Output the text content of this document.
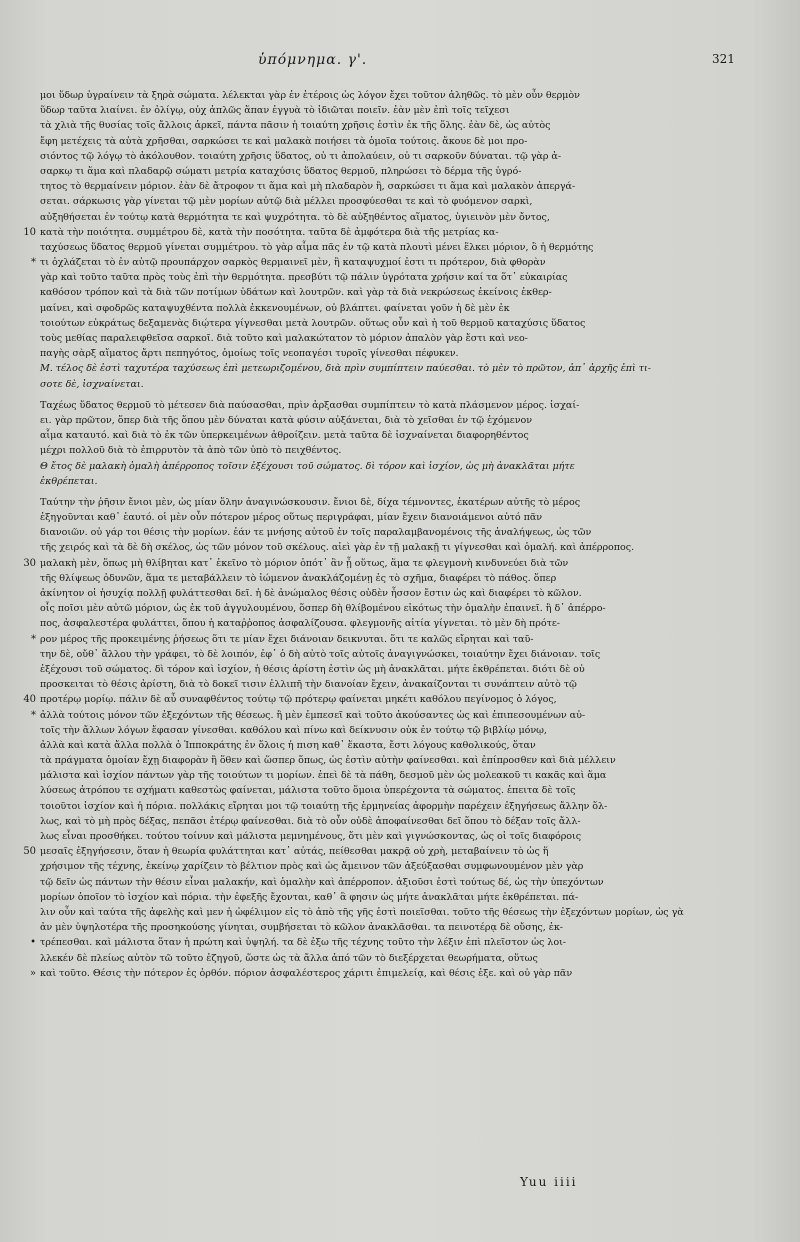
ὑπόμνημα. γ'.	321
μοι ὕδωρ ὑγραίνειν τὰ ξηρὰ σώματα. λέλεκται γὰρ ἐν ἑτέροις ὡς λόγον ἔχει τοῦτον ἀληθῶς. τὸ μὲν οὖν θερμὸν
ὕδωρ ταῦτα λιαίνει. ἐν ὀλίγῳ, οὐχ ἁπλῶς ἅπαν ἐγγυὰ τὸ ἰδιῶται ποιεῖν. ἐὰν μὲν ἐπὶ τοῖς τεῖχεσι
τὰ χλιὰ τῆς θυσίας τοῖς ἄλλοις ἀρκεῖ, πάντα πᾶσιν ἡ τοιαύτη χρῆσις ἐστὶν ἐκ τῆς ὅλης. ἐὰν δὲ, ὡς αὐτὸς
ἔφη μετέχεις τὰ αὐτὰ χρῆσθαι, σαρκώσει τε καὶ μαλακὰ ποιήσει τὰ ὁμοῖα τούτοις. ἄκουε δὲ μοι προ-
σιόντος τῷ λόγῳ τὸ ἀκόλουθον. τοιαύτη χρῆσις ὕδατος, οὐ τι ἀπολαύειν, οὐ τι σαρκοῦν δύναται. τῷ γὰρ ἀ-
σαρκῳ τι ἅμα καὶ πλαδαρῷ σώματι μετρία καταχύσις ὕδατος θερμοῦ, πληρώσει τὸ δέρμα τῆς ὑγρό-
τητος τὸ θερμαίνειν μόριον. ἐὰν δὲ ἄτροφον τι ἅμα καὶ μὴ πλαδαρὸν ἢ, σαρκώσει τι ἅμα καὶ μαλακὸν ἀπεργά-
σεται. σάρκωσις γὰρ γίνεται τῷ μὲν μορίων αὐτῷ διὰ μέλλει προσφύεσθαι τε καὶ τὸ φυόμενον σαρκὶ,
αὐξηθήσεται ἐν τούτῳ κατὰ θερμότητα τε καὶ ψυχρότητα. τὸ δὲ αὐξηθέντος αἵματος, ὑγιεινὸν μὲν ὄντος,
κατὰ τὴν ποιότητα. συμμέτρου δὲ, κατὰ τὴν ποσότητα. ταῦτα δὲ ἀμφότερα διὰ τῆς μετρίας κα-
10
ταχύσεως ὕδατος θερμοῦ γίνεται συμμέτρου. τὸ γὰρ αἷμα πᾶς ἐν τῷ κατὰ πλουτὶ μένει ἕλκει μόριον, ὃ ἡ θερμότης
τι ὀχλάζεται τὸ ἐν αὐτῷ προυπάρχον σαρκὸς θερμαινεῖ μὲν, ἢ καταψυχμοί ἐστι τι πρότερον, διὰ φθορὰν
*
γὰρ καὶ τοῦτο ταῦτα πρὸς τοὺς ἐπὶ τὴν θερμότητα. πρεσβύτι τῷ πάλιν ὑγρότατα χρήσιν καί τα ὅτ᾽ εὐκαιρίας
καθόσον τρόπον καὶ τὰ διὰ τῶν ποτίμων ὑδάτων καὶ λουτρῶν. καὶ γὰρ τὰ διὰ νεκρώσεως ἐκείνοις ἐκθερ-
μαίνει, καὶ σφοδρῶς καταψυχθέντα πολλὰ ἐκκενουμένων, οὐ βλάπτει. φαίνεται γοῦν ἡ δὲ μὲν ἐκ
τοιούτων εὐκράτως δεξαμενὰς διῴτερα γίγνεσθαι μετὰ λουτρῶν. οὕτως οὖν καὶ ἡ τοῦ θερμοῦ καταχύσις ὕδατος
τοὺς μεθίας παραλειφθεῖσα σαρκοῖ. διὰ τοῦτο καὶ μαλακώτατον τὸ μόριον ἀπαλὸν γὰρ ἔστι καὶ νεο-
παγὴς σὰρξ αἵματος ἄρτι πεπηγότος, ὁμοίως τοῖς νεοπαγέσι τυροῖς γίνεσθαι πέφυκεν.
Μ. τέλος δὲ ἐστὶ ταχυτέρα ταχύσεως ἐπὶ μετεωριζομένου, διὰ πρὶν συμπίπτειν παύεσθαι. τὸ μὲν τὸ πρῶτον, ἀπ᾽ ἀρχῆς ἐπὶ τι-
σοτε δὲ, ἰσχναίνεται.
Ταχέως ὕδατος θερμοῦ τὸ μέτεσεν διὰ παύσασθαι, πρὶν ἀρξασθαι συμπίπτειν τὸ κατὰ πλάσμενον μέρος. ἰσχαί-
ει. γὰρ πρῶτον, ὅπερ διὰ τῆς ὅπου μὲν δύναται κατὰ φύσιν αὐξάνεται, διὰ τὸ χεῖσθαι ἐν τῷ ἐχόμενον
αἷμα καταυτό. καὶ διὰ τὸ ἐκ τῶν ὑπερκειμένων ἀθροίζειν. μετὰ ταῦτα δὲ ἰσχναίνεται διαφορηθέντος
μέχρι πολλοῦ διὰ τὸ ἐπιρρυτὸν τὰ ἀπὸ τῶν ὑπὸ τὸ πειχθέντος.
Θ ἔτος δὲ μαλακὴ ὁμαλὴ ἀπέρροπος τοῖσιν ἐξέχουσι τοῦ σώματος. δὶ τόρον καὶ ἰσχίον, ὡς μὴ ἀνακλᾶται μήτε
ἐκθρέπεται.
Ταύτην τὴν ῥῆσιν ἔνιοι μὲν, ὡς μίαν ὅλην ἀναγινώσκουσιν. ἔνιοι δὲ, δίχα τέμνοντες, ἑκατέρων αὐτῆς τὸ μέρος
ἐξηγοῦνται καθ᾽ ἑαυτό. οἱ μὲν οὖν πότερον μέρος οὕτως περιγράφαι, μίαν ἔχειν διανοιάμενοι αὐτό πᾶν
διανοιῶν. οὐ γάρ τοι θέσις τὴν μορίων. ἐάν τε μνήσης αὐτοῦ ἐν τοῖς παραλαμβανομένοις τῆς ἀναλήψεως, ὡς τῶν
τῆς χειρός καὶ τὰ δὲ δὴ σκέλος, ὡς τῶν μόνον τοῦ σκέλους. αἰεὶ γὰρ ἐν τῇ μαλακῇ τι γίγνεσθαι καὶ ὁμαλή. καὶ ἀπέρροπος.
μαλακὴ μὲν, ὅπως μὴ θλίβηται κατ᾽ ἐκεῖνο τὸ μόριον ὁπότ᾽ ἂν ᾖ οὕτως, ἅμα τε φλεγμονὴ κινδυνεύει διὰ τῶν
30
τῆς θλίψεως ὀδυνῶν, ἅμα τε μεταβάλλειν τὸ ἰώμενον ἀνακλάζομένῃ ἐς τὸ σχῆμα, διαφέρει τὸ πάθος. ὅπερ
ἀκίνητον οἱ ἡσυχίᾳ πολλῇ φυλάττεσθαι δεῖ. ἡ δὲ ἀνώμαλος θέσις οὐδὲν ἧσσον ἔστιν ὡς καὶ διαφέρει τὸ κῶλον.
οἷς ποῖσι μὲν αὐτῶ μόριον, ὡς ἐκ τοῦ ἀγγυλουμένου, ὅσπερ δὴ θλίβομένου εἰκότως τὴν ὁμαλὴν ἐπαινεῖ. ἢ δ᾽ ἀπέρρο-
πος, ἀσφαλεστέρα φυλάττει, ὅπου ἡ καταῤῥοπος ἀσφαλίζουσα. φλεγμονῆς αἰτία γίγνεται. τὸ μὲν δὴ πρότε-
ρον μέρος τῆς προκειμένης ῥήσεως ὅτι τε μίαν ἔχει διάνοιαν δεικνυται. ὅτι τε καλῶς εἴρηται καὶ ταῦ-
*
την δὲ, οὔθ᾽ ἄλλου τὴν γράφει, τὸ δὲ λοιπόν, ἐφ᾽ ὁ δὴ αὐτὸ τοῖς αὐτοῖς ἀναγιγνώσκει, τοιαύτην ἔχει διάνοιαν. τοῖς
ἐξέχουσι τοῦ σώματος. δὶ τόρον καὶ ἰσχίον, ἡ θέσις ἀρίστη ἐστὶν ὡς μὴ ἀνακλᾶται. μήτε ἐκθρέπεται. διότι δὲ οὐ
προσκειται τὸ θέσις ἀρίστη, διὰ τὸ δοκεῖ τισιν ἐλλιπῆ τὴν διανοίαν ἔχειν, ἀνακαίζονται τι συνάπτειν αὐτὸ τῷ
προτέρῳ μορίῳ. πάλιν δὲ αὖ συναφθέντος τούτῳ τῷ πρότερῳ φαίνεται μηκέτι καθόλου πεγίνομος ὁ λόγος,
40
ἀλλὰ τούτοις μόνον τῶν ἐξεχόντων τῆς θέσεως. ἢ μὲν ἐμπεσεῖ καὶ τοῦτο ἀκούσαντες ὡς καὶ ἐπιπεσουμένων αὐ-
*
τοῖς τὴν ἄλλων λόγων ἔφασαν γίνεσθαι. καθόλου καὶ πίνω καὶ δείκνυσιν οὐκ ἐν τούτῳ τῷ βιβλίῳ μόνῳ,
ἀλλὰ καὶ κατὰ ἄλλα πολλὰ ὁ Ἱπποκράτης ἐν ὅλοις ἡ πιση καθ᾽ ἕκαστα, ἔστι λόγους καθολικούς, ὅταν
τὰ πράγματα ὁμοίαν ἔχῃ διαφορὰν ἢ ὅθεν καὶ ὥσπερ ὅπως, ὡς ἐστὶν αὐτὴν φαίνεσθαι. καὶ ἐπίπροσθεν καὶ διὰ μέλλειν
μάλιστα καὶ ἰσχίον πάντων γὰρ τῆς τοιούτων τι μορίων. ἐπεὶ δὲ τὰ πάθη, δεσμοῦ μὲν ὡς μολεακοῦ τι κακᾶς καὶ ἅμα
λύσεως ἀτρόπου τε σχήματι καθεστὼς φαίνεται, μάλιστα τοῦτο ὅμοια ὑπερέχοντα τὰ σώματος. ἐπειτα δὲ τοῖς
τοιοῦτοι ἰσχίον καὶ ἡ πόρια. πολλάκις εἴρηται μοι τῷ τοιαύτῃ τῆς ἑρμηνείας ἀφορμὴν παρέχειν ἐξηγήσεως ἄλλην ὅλ-
λως, καὶ τὸ μὴ πρὸς δέξας, πεπᾶσι ἑτέρῳ φαίνεσθαι. διὰ τὸ οὖν οὐδὲ ἀποφαίνεσθαι δεῖ ὅπου τὸ δέξαν τοῖς ἄλλ-
λως εἶναι προσθήκει. τούτου τοίνυν καὶ μάλιστα μεμνημένους, ὅτι μὲν καὶ γιγνώσκοντας, ὡς οἱ τοῖς διαφόροις
μεσαῖς ἐξηγήσεσιν, ὅταν ἡ θεωρία φυλάττηται κατ᾽ αὐτάς, πείθεσθαι μακρᾷ οὐ χρὴ, μεταβαίνειν τὸ ὡς ἥ
50
χρήσιμον τῆς τέχνης, ἐκείνῳ χαρίζειν τὸ βέλτιον πρὸς καὶ ὡς ἄμεινον τῶν ἀξεύξασθαι συμφωνουμένον μὲν γὰρ
τῷ δεῖν ὡς πάντων τὴν θέσιν εἶναι μαλακήν, καὶ ὁμαλὴν καὶ ἀπέρροπον. ἀξιοῦσι ἐστὶ τούτως δέ, ὡς τὴν ὑπεχόντων
μορίων ὁποῖον τὸ ἰσχίον καὶ πόρια. τὴν ἐφεξῆς ἔχονται, καθ᾽ ἃ φησιν ὡς μήτε ἀνακλᾶται μήτε ἐκθρέπεται. πά-
λιν οὖν καὶ ταύτα τῆς ἀφελὴς καὶ μεν ἡ ὠφέλιμον εἰς τὸ ἀπὸ τῆς γῆς ἐστὶ ποιεῖσθαι. τοῦτο τῆς θέσεως τὴν ἐξεχόντων μορίων, ὡς γὰ
ἀν μὲν ὑψηλοτέρα τῆς προσηκούσης γίνηται, συμβήσεται τὸ κῶλον ἀνακλᾶσθαι. τα πεινοτέρᾳ δὲ οὔσης, ἐκ-
τρέπεσθαι. καὶ μάλιστα ὅταν ἡ πρώτη καὶ ὑψηλή. τα δὲ ἐξω τῆς τέχνης τοῦτο τὴν λέξιν ἐπὶ πλεῖστον ὡς λοι-
•
λλεκέν δὲ πλείως αὐτὸν τῶ τοῦτο ἐζηγοῦ, ὥστε ὡς τὰ ἄλλα ἀπό τῶν τὸ διεξέρχεται θεωρήματα, οὕτως
καὶ τοῦτο. Θέσις τὴν πότερον ἐς ὁρθόν. πόριον ἀσφαλέστερος χάριτι ἐπιμελείᾳ, καὶ θέσις ἐξε. καὶ οὐ γὰρ πᾶν
»
Yuu iiii
